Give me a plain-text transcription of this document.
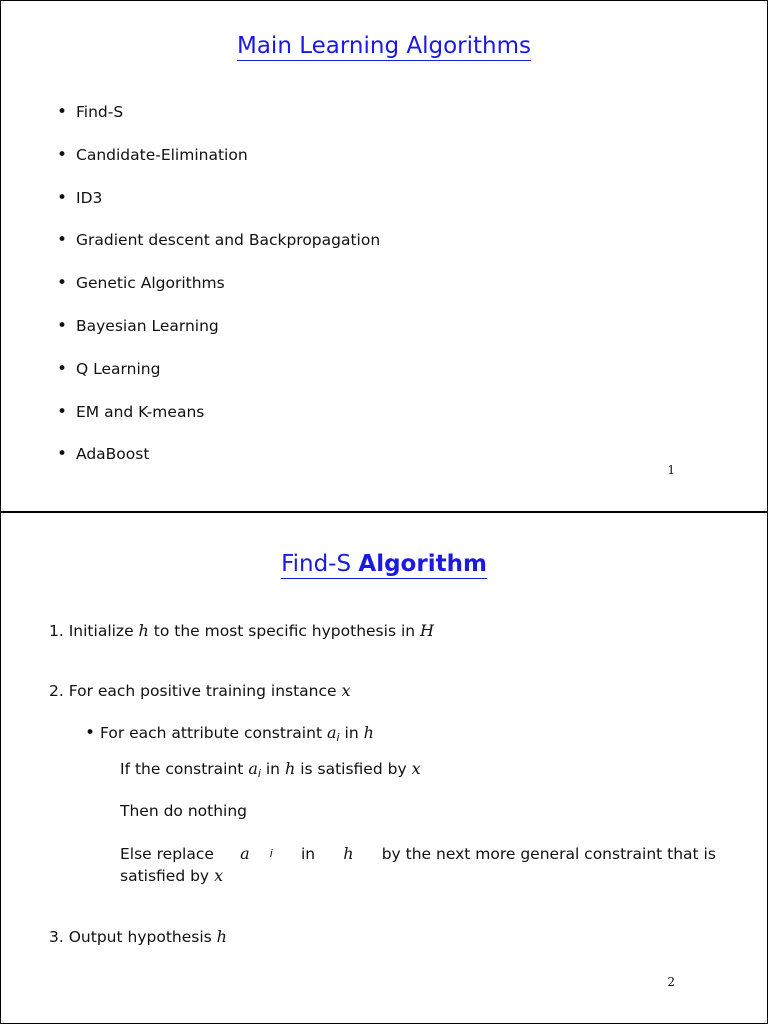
Main Learning Algorithms
• Find-S
• Candidate-Elimination
• ID3
• Gradient descent and Backpropagation
• Genetic Algorithms
• Bayesian Learning
• Q Learning
• EM and K-means
• AdaBoost
1
Find-S Algorithm
1. Initialize h to the most specific hypothesis in H
2. For each positive training instance x
• For each attribute constraint $a_i$ in h
If the constraint $a_i$ in h is satisfied by x
Then do nothing
Else replace a i in h by the next more general constraint that is
satisfied by x
3. Output hypothesis h
2
